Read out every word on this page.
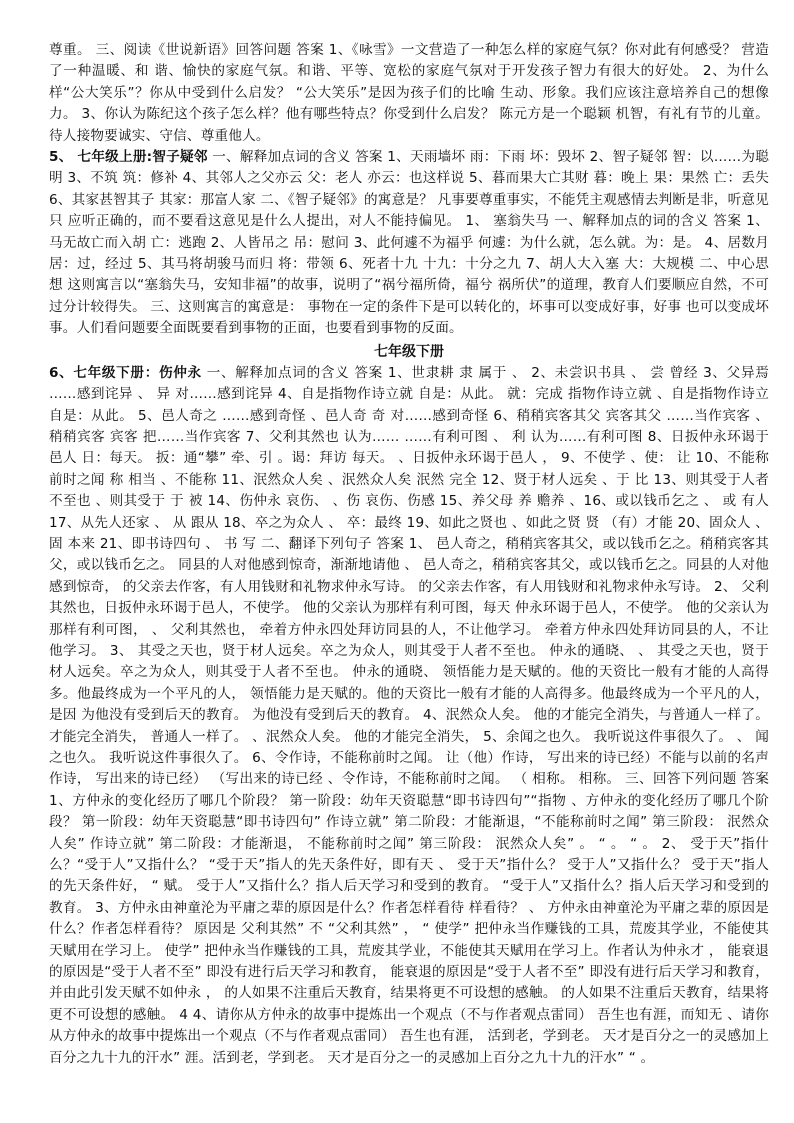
尊重。 三、阅读《世说新语》回答问题 答案 1、《咏雪》一文营造了一种怎么样的家庭气氛？你对此有何感受？ 营造了一种温暖、和 谐、愉快的家庭气氛。和谐、平等、宽松的家庭气氛对于开发孩子智力有很大的好处。 2、为什么样“公大笑乐”？你从中受到什么启发？ “公大笑乐”是因为孩子们的比喻 生动、形象。我们应该注意培养自己的想像力。 3、你认为陈纪这个孩子怎么样？他有哪些特点？你受到什么启发？ 陈元方是一个聪颖 机智，有礼有节的儿童。待人接物要诚实、守信、尊重他人。

5、 七年级上册:智子疑邻 一、解释加点词的含义 答案 1、天雨墙坏 雨：下雨 坏：毁坏 2、智子疑邻 智：以……为聪明 3、不筑 筑：修补 4、其邻人之父亦云 父：老人 亦云：也这样说 5、暮而果大亡其财 暮：晚上 果：果然 亡：丢失 6、其家甚智其子 其家：那富人家 二、《智子疑邻》的寓意是？ 凡事要尊重事实，不能凭主观感情去判断是非，听意见只 应听正确的，而不要看这意见是什么人提出，对人不能持偏见。 1、 塞翁失马 一、解释加点的词的含义 答案 1、马无故亡而入胡 亡：逃跑 2、人皆吊之 吊：慰问 3、此何遽不为福乎 何遽：为什么就，怎么就。为：是。 4、居数月 居：过，经过 5、其马将胡骏马而归 将：带领 6、死者十九 十九：十分之九 7、胡人大入塞 大：大规模 二、中心思想 这则寓言以“塞翁失马，安知非福”的故事，说明了“祸兮福所倚，福兮 祸所伏”的道理，教育人们要顺应自然，不可过分计较得失。 三、这则寓言的寓意是： 事物在一定的条件下是可以转化的，坏事可以变成好事，好事 也可以变成坏事。人们看问题要全面既要看到事物的正面，也要看到事物的反面。

七年级下册

6、七年级下册：伤仲永 一、解释加点词的含义 答案 1、世隶耕 隶 属于 、 2、未尝识书具 、 尝 曾经 3、父异焉 ……感到诧异 、 异 对……感到诧异 4、自是指物作诗立就 自是：从此。 就：完成 指物作诗立就 、自是指物作诗立 自是：从此。 5、邑人奇之 ……感到奇怪 、邑人奇 奇 对……感到奇怪 6、稍稍宾客其父 宾客其父 ……当作宾客 、稍稍宾客 宾客 把……当作宾客 7、父利其然也 认为…… ……有利可图 、 利 认为……有利可图 8、日扳仲永环谒于邑人 日：每天。 扳：通“攀” 牵、引 。谒：拜访 每天。 、日扳仲永环谒于邑人 ， 9、不使学 、使： 让 10、不能称前时之闻 称 相当 、不能称 11、泯然众人矣 、泯然众人矣 泯然 完全 12、贤于材人远矣 、于 比 13、则其受于人者不至也 、则其受于 于 被 14、伤仲永 哀伤、 、伤 哀伤、伤感 15、养父母 养 赡养 、16、或以钱币乞之 、 或 有人 17、从先人还家 、 从 跟从 18、卒之为众人 、 卒：最终 19、如此之贤也 、如此之贤 贤 （有）才能 20、固众人 、 固 本来 21、即书诗四句 、 书 写 二、翻译下列句子 答案 1、 邑人奇之，稍稍宾客其父，或以钱币乞之。稍稍宾客其父，或以钱币乞之。 同县的人对他感到惊奇，渐渐地请他 、 邑人奇之，稍稍宾客其父，或以钱币乞之。同县的人对他感到惊奇， 的父亲去作客，有人用钱财和礼物求仲永写诗。 的父亲去作客，有人用钱财和礼物求仲永写诗。 2、 父利其然也，日扳仲永环谒于邑人，不使学。 他的父亲认为那样有利可图，每天 仲永环谒于邑人，不使学。 他的父亲认为那样有利可图， 、 父利其然也， 牵着方仲永四处拜访同县的人，不让他学习。 牵着方仲永四处拜访同县的人，不让他学习。 3、 其受之天也，贤于材人远矣。卒之为众人，则其受于人者不至也。 仲永的通晓、 、 其受之天也，贤于材人远矣。卒之为众人，则其受于人者不至也。 仲永的通晓、 领悟能力是天赋的。他的天资比一般有才能的人高得多。他最终成为一个平凡的人， 领悟能力是天赋的。他的天资比一般有才能的人高得多。他最终成为一个平凡的人，是因 为他没有受到后天的教育。 为他没有受到后天的教育。 4、泯然众人矣。 他的才能完全消失，与普通人一样了。 才能完全消失， 普通人一样了。 、泯然众人矣。 他的才能完全消失， 5、余闻之也久。 我听说这件事很久了。 、 闻之也久。 我听说这件事很久了。 6、令作诗，不能称前时之闻。 让（他）作诗， 写出来的诗已经）不能与以前的名声 作诗， 写出来的诗已经） （写出来的诗已经 、令作诗，不能称前时之闻。 （ 相称。 相称。 三、回答下列问题 答案 1、方仲永的变化经历了哪几个阶段？ 第一阶段：幼年天资聪慧“即书诗四句”“指物 、方仲永的变化经历了哪几个阶段？ 第一阶段：幼年天资聪慧“即书诗四句” 作诗立就” 第二阶段：才能渐退，“不能称前时之闻” 第三阶段： 泯然众人矣” 作诗立就” 第二阶段：才能渐退， 不能称前时之闻” 第三阶段： 泯然众人矣” 。 “ 。 “ 。 2、 受于天”指什么？“受于人”又指什么？ “受于天”指人的先天条件好，即有天 、 受于天”指什么？ 受于人”又指什么？ 受于天”指人的先天条件好， “ 赋。 受于人”又指什么？指人后天学习和受到的教育。 “受于人”又指什么？指人后天学习和受到的教育。 3、方仲永由神童沦为平庸之辈的原因是什么？作者怎样看待 样看待？ 、 方仲永由神童沦为平庸之辈的原因是什么？作者怎样看待？ 原因是 父利其然” 不 “父利其然” ， “ 使学” 把仲永当作赚钱的工具，荒废其学业，不能使其天赋用在学习上。 使学” 把仲永当作赚钱的工具，荒废其学业，不能使其天赋用在学习上。作者认为仲永才 ， 能衰退的原因是“受于人者不至” 即没有进行后天学习和教育， 能衰退的原因是“受于人者不至” 即没有进行后天学习和教育，并由此引发天赋不如仲永 ， 的人如果不注重后天教育，结果将更不可设想的感触。 的人如果不注重后天教育，结果将更不可设想的感触。 4 4、请你从方仲永的故事中提炼出一个观点（不与作者观点雷同） 吾生也有涯，而知无 、请你从方仲永的故事中提炼出一个观点（不与作者观点雷同） 吾生也有涯， 活到老，学到老。 天才是百分之一的灵感加上百分之九十九的汗水” 涯。活到老，学到老。 天才是百分之一的灵感加上百分之九十九的汗水” “ 。
